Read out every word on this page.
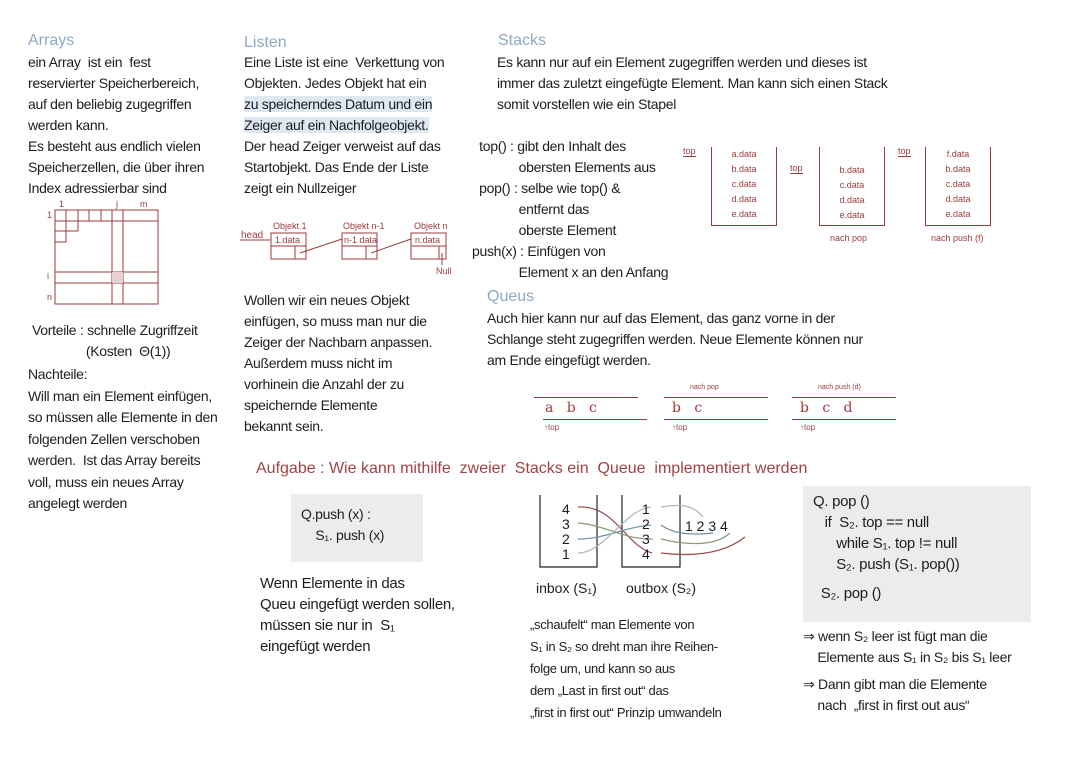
Arrays
ein Array  ist ein  fest
reservierter Speicherbereich,
auf den beliebig zugegriffen
werden kann.
Es besteht aus endlich vielen
Speicherzellen, die über ihren
Index adressierbar sind
1	j m
1
i
n
Vorteile : schnelle Zugriffzeit
(Kosten  Θ(1))
Nachteile:
Will man ein Element einfügen,
so müssen alle Elemente in den
folgenden Zellen verschoben
werden.  Ist das Array bereits
voll, muss ein neues Array
angelegt werden
Listen
Eine Liste ist eine  Verkettung von
Objekten. Jedes Objekt hat ein
zu speicherndes Datum und ein
Zeiger auf ein Nachfolgeobjekt.
Der head Zeiger verweist auf das
Startobjekt. Das Ende der Liste
zeigt ein Nullzeiger
head
Objekt 1
1.data
Objekt n-1
n-1 data
Objekt n
n.data
Null
Wollen wir ein neues Objekt
einfügen, so muss man nur die
Zeiger der Nachbarn anpassen.
Außerdem muss nicht im
vorhinein die Anzahl der zu
speichernde Elemente
bekannt sein.
Stacks
Es kann nur auf ein Element zugegriffen werden und dieses ist
immer das zuletzt eingefügte Element. Man kann sich einen Stack
somit vorstellen wie ein Stapel
top() : gibt den Inhalt des
obersten Elements aus
pop() : selbe wie top() &
entfernt das
oberste Element
push(x) : Einfügen von
Element x an den Anfang
top	a.data
b.data
c.data
d.data
e.data
top	b.data
c.data
d.data
e.data
nach pop
top	f.data
b.data
c.data
d.data
e.data
nach push (f)
Queus
Auch hier kann nur auf das Element, das ganz vorne in der
Schlange steht zugegriffen werden. Neue Elemente können nur
am Ende eingefügt werden.
a   b   c
↑top
nach pop
b   c
↑top
nach push (d)
b   c   d
↑top
Aufgabe : Wie kann mithilfe  zweier  Stacks ein  Queue  implementiert werden
Q.push (x) :
S₁. push (x)
Wenn Elemente in das
Queu eingefügt werden sollen,
müssen sie nur in  S₁
eingefügt werden
4
3
2
1
1
2
3
4
1 2 3 4
inbox (S₁) outbox (S₂)
„schaufelt“ man Elemente von
S₁ in S₂ so dreht man ihre Reihen-
folge um, und kann so aus
dem „Last in first out“ das
„first in first out“ Prinzip umwandeln
Q. pop ()
if  S₂. top == null
while S₁. top != null
S₂. push (S₁. pop())
S₂. pop ()
⇒ wenn S₂ leer ist fügt man die
Elemente aus S₁ in S₂ bis S₁ leer
⇒ Dann gibt man die Elemente
nach  „first in first out aus“
